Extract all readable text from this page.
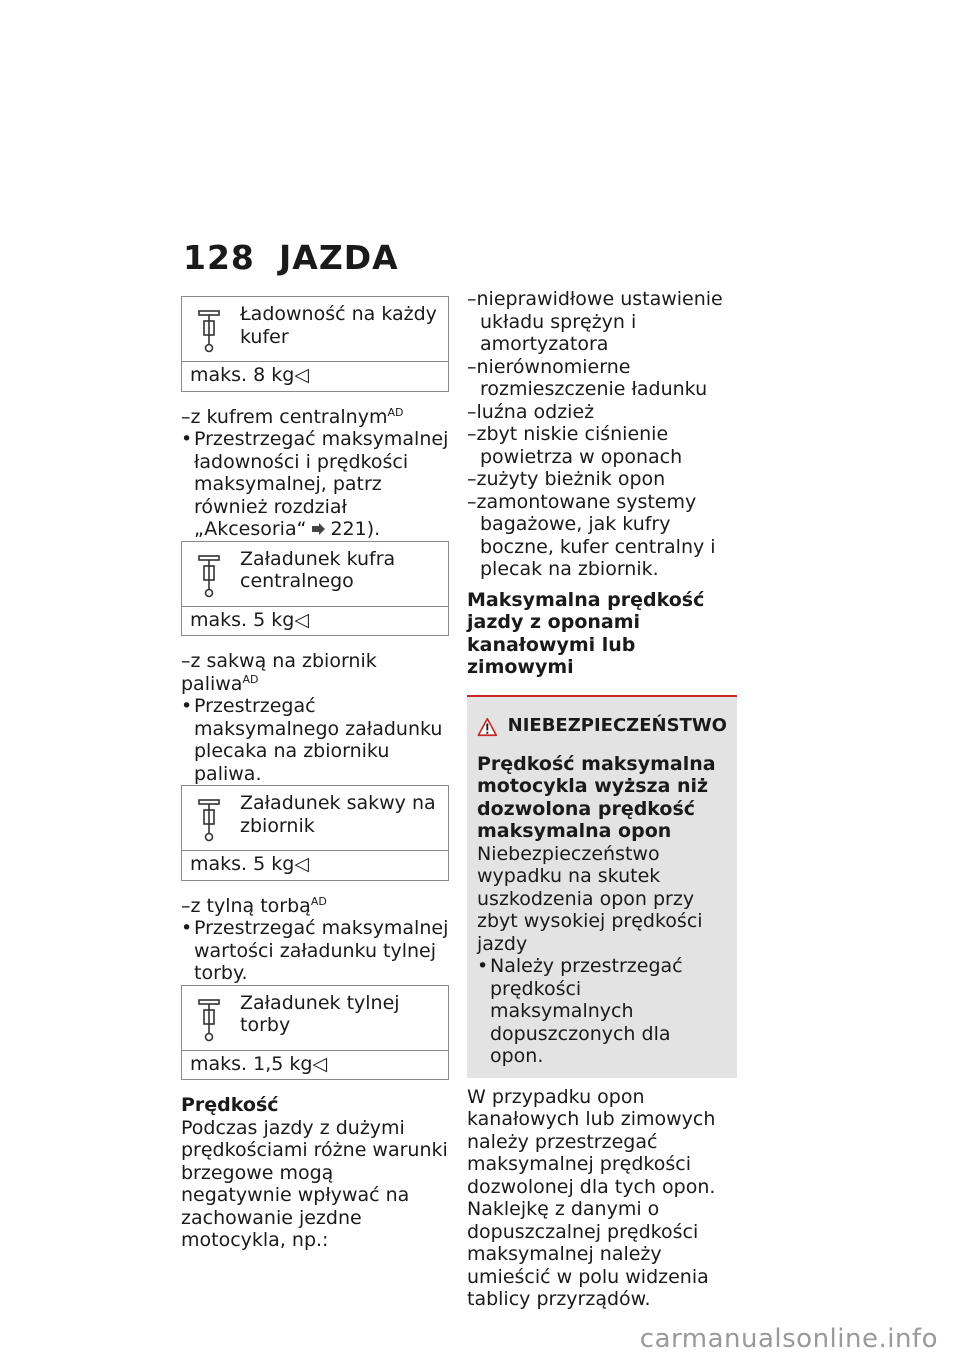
128 JAZDA
Ładowność na każdy kufer
maks. 8 kg◁
–z kufrem centralnym$^{AD}$
• Przestrzegać maksymalnej ładowności i prędkości maksymalnej, patrz również rozdział „Akcesoria“ 221).
Załadunek kufra centralnego
maks. 5 kg◁
–z sakwą na zbiornik paliwa$^{AD}$
• Przestrzegać maksymalnego załadunku plecaka na zbiorniku paliwa.
Załadunek sakwy na zbiornik
maks. 5 kg◁
–z tylną torbą$^{AD}$
• Przestrzegać maksymalnej wartości załadunku tylnej torby.
Załadunek tylnej torby
maks. 1,5 kg◁
Prędkość
Podczas jazdy z dużymi prędkościami różne warunki brzegowe mogą negatywnie wpływać na zachowanie jezdne motocykla, np.:
–nieprawidłowe ustawienie układu sprężyn i amortyzatora
–nierównomierne rozmieszczenie ładunku
–luźna odzież
–zbyt niskie ciśnienie powietrza w oponach
–zużyty bieżnik opon
–zamontowane systemy bagażowe, jak kufry boczne, kufer centralny i plecak na zbiornik.
Maksymalna prędkość jazdy z oponami kanałowymi lub zimowymi
NIEBEZPIECZEŃSTWO
Prędkość maksymalna motocykla wyższa niż dozwolona prędkość maksymalna opon
Niebezpieczeństwo wypadku na skutek uszkodzenia opon przy zbyt wysokiej prędkości jazdy
• Należy przestrzegać prędkości maksymalnych dopuszczonych dla opon.
W przypadku opon kanałowych lub zimowych należy przestrzegać maksymalnej prędkości dozwolonej dla tych opon. Naklejkę z danymi o dopuszczalnej prędkości maksymalnej należy umieścić w polu widzenia tablicy przyrządów.
carmanualsonline.info
